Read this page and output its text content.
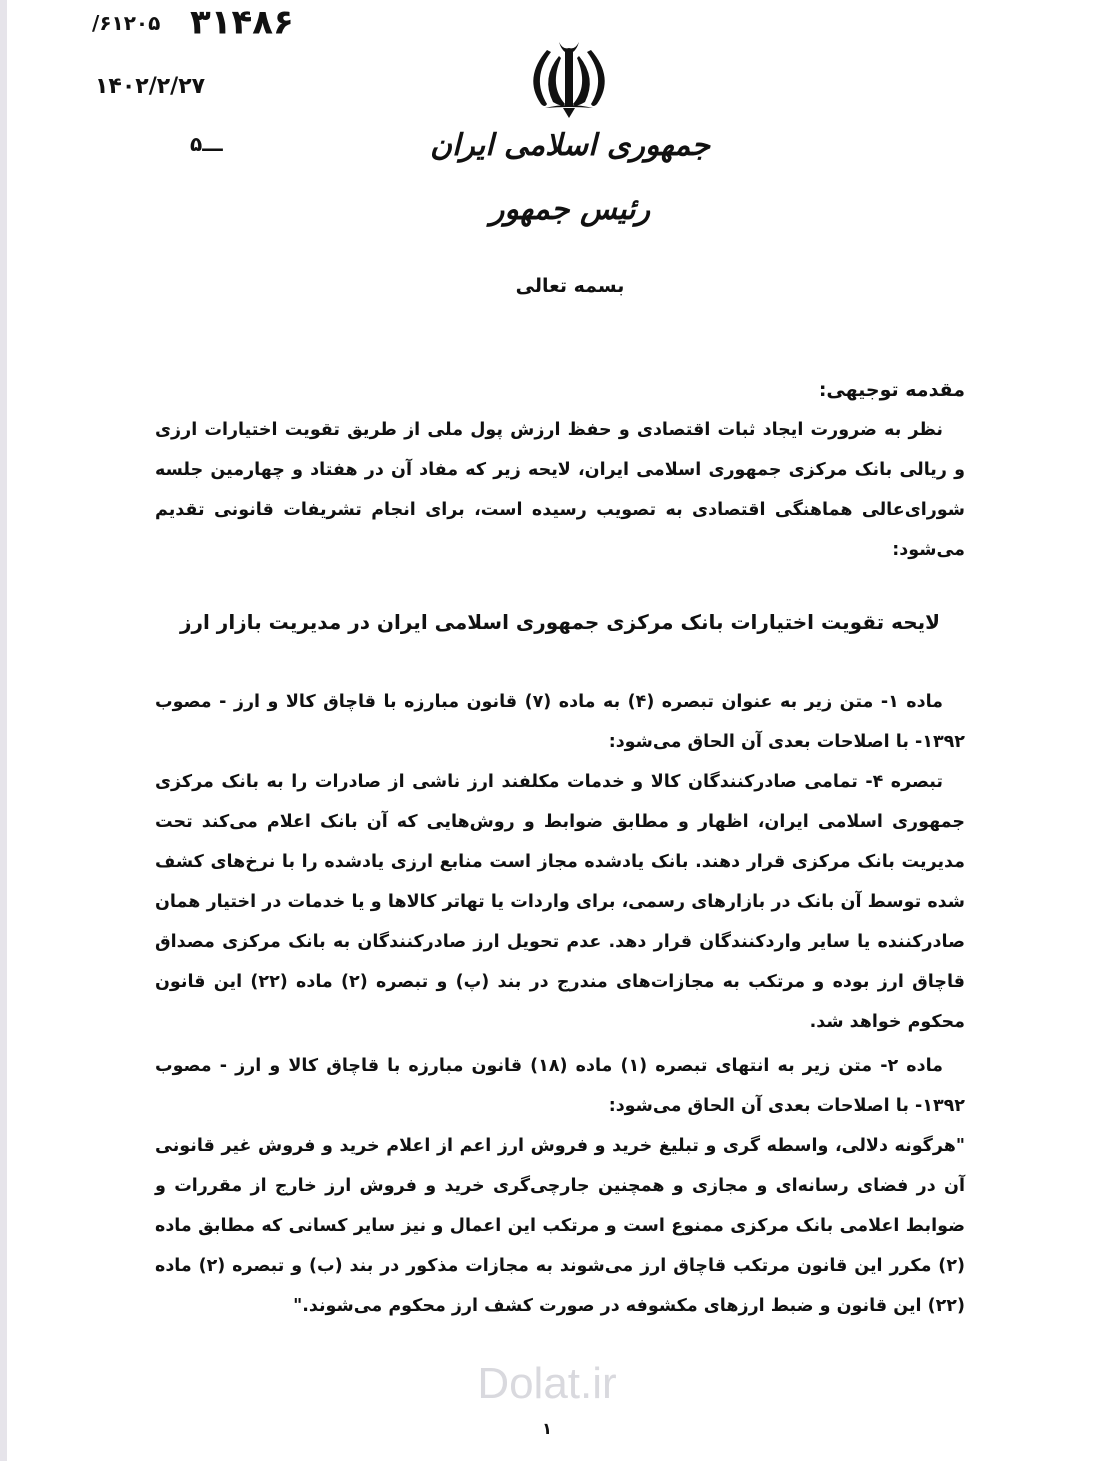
۳۱۴۸۶ ۶۱۲۰۵/
۱۴۰۲/۲/۲۷
ـــ۵	جمهوری اسلامی ایران
رئیس جمهور
بسمه تعالی

مقدمه توجیهی:

نظر به ضرورت ایجاد ثبات اقتصادی و حفظ ارزش پول ملی از طریق تقویت اختیارات ارزی و ریالی بانک مرکزی جمهوری اسلامی ایران، لایحه زیر که مفاد آن در هفتاد و چهارمین جلسه شورای‌عالی هماهنگی اقتصادی به تصویب رسیده است، برای انجام تشریفات قانونی تقدیم می‌شود:

لایحه تقویت اختیارات بانک مرکزی جمهوری اسلامی ایران در مدیریت بازار ارز

ماده ۱- متن زیر به عنوان تبصره (۴) به ماده (۷) قانون مبارزه با قاچاق کالا و ارز - مصوب ۱۳۹۲- با اصلاحات بعدی آن الحاق می‌شود:

تبصره ۴- تمامی صادرکنندگان کالا و خدمات مکلفند ارز ناشی از صادرات را به بانک مرکزی جمهوری اسلامی ایران، اظهار و مطابق ضوابط و روش‌هایی که آن بانک اعلام می‌کند تحت مدیریت بانک مرکزی قرار دهند. بانک یادشده مجاز است منابع ارزی یادشده را با نرخ‌های کشف شده توسط آن بانک در بازارهای رسمی، برای واردات یا تهاتر کالاها و یا خدمات در اختیار همان صادرکننده یا سایر واردکنندگان قرار دهد. عدم تحویل ارز صادرکنندگان به بانک مرکزی مصداق قاچاق ارز بوده و مرتکب به مجازات‌های مندرج در بند (پ) و تبصره (۲) ماده (۲۲) این قانون محکوم خواهد شد.

ماده ۲- متن زیر به انتهای تبصره (۱) ماده (۱۸) قانون مبارزه با قاچاق کالا و ارز - مصوب ۱۳۹۲- با اصلاحات بعدی آن الحاق می‌شود:

"هرگونه دلالی، واسطه گری و تبلیغ خرید و فروش ارز اعم از اعلام خرید و فروش غیر قانونی آن در فضای رسانه‌ای و مجازی و همچنین جارچی‌گری خرید و فروش ارز خارج از مقررات و ضوابط اعلامی بانک مرکزی ممنوع است و مرتکب این اعمال و نیز سایر کسانی که مطابق ماده (۲) مکرر این قانون مرتکب قاچاق ارز می‌شوند به مجازات مذکور در بند (ب) و تبصره (۲) ماده (۲۲) این قانون و ضبط ارزهای مکشوفه در صورت کشف ارز محکوم می‌شوند."

Dolat.ir
۱
